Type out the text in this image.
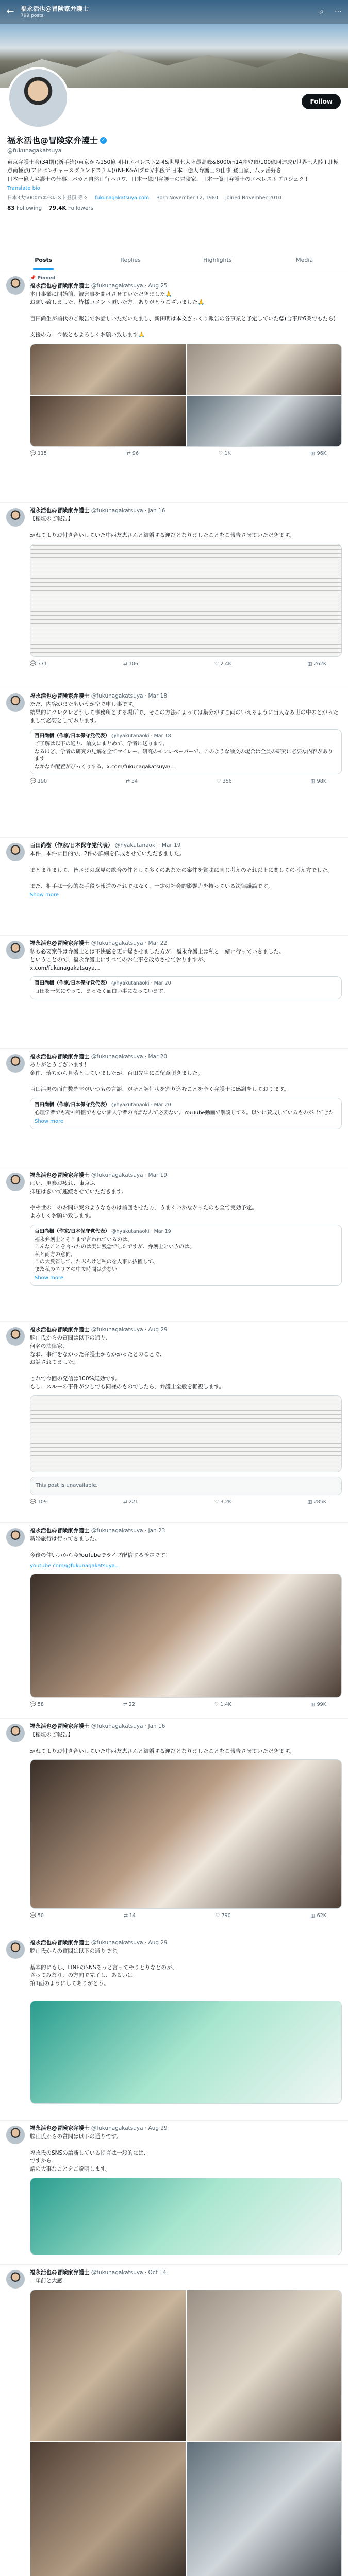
←	福永活也@冒険家弁護士
799 posts
⌕	⋯
Follow
福永活也@冒険家弁護士 ✓
@fukunagakatsuya
東京弁護士会(34期)(新手続)/東京から150億回目(エベレスト2回&世界七大陸最高峰&8000m14座登頂/100億回達成)/世界七大陸+北極点南極点(アドベンチャーズグランドスラム)/(NHK&AJプロ)/事務所 日本一億人弁護士の仕事 登山家、八ヶ岳好き
日本一億人弁護士の仕事、バカと自然山行ハロワ、日本一億円弁護士の冒険家、日本一億円弁護士のエベレストプロジェクト
Translate bio
日本3大5000mエベレスト登頂 等々 fukunagakatsuya.com Born November 12, 1980 Joined November 2010
83 Following 79.4K Followers
Posts	Replies	Highlights	Media
📌 Pinned
福永活也@冒険家弁護士 @fukunagakatsuya · Aug 25
本日事業に開始前、被害事を開けさせていただきました🙏
お願い致しました、皆様コメント頂いた方、ありがとうございました🙏

百田尚生が前代のご報告でお話しいただいたまし、新田明は本文ざっくり報告の各事業と予定していた😊(合事所6業でもたら)

支援の方、今後ともよろしくお願い致します🙏
💬 115	⇄ 96	♡ 1K	▥ 96K
福永活也@冒険家弁護士 @fukunagakatsuya · Jan 16
【稲垣のご報告】

かねてよりお付き合いしていた中西友恵さんと結婚する運びとなりましたことをご報告させていただきます。
💬 371	⇄ 106	♡ 2.4K	▥ 262K
福永活也@冒険家弁護士 @fukunagakatsuya · Mar 18
ただ、内容がまたもいうか空で申し事です。
結果的にクレクレどうして事務所とする場所で、そこの方法によっては集分がすこ両のいえるように当人なる世の中のとがったまして必要としております。
百田尚樹（作家/日本保守党代表） @hyakutanaoki · Mar 18
ご了解は以下の通り、論文にまとめて、学者に送ります。
なるほど、学者の研究の見解を全てマイレー、研究のモンレペーパーで、このような論文の場合は全員の研究に必要な内容があります
なかなか配置がびっくりする。x.com/fukunagakatsuya/...
💬 190	⇄ 34	♡ 356	▥ 98K
百田尚樹（作家/日本保守党代表） @hyakutanaoki · Mar 19
本件、本件に目的で、2件の詳細を作成させていただきました。

まとまりまして、皆さまの意見の総合の件として多くのあなたの案件を賞味に同じ考えのそれ以上に関しての考え方でした。

また、相手は一般的な手段や報道のそれではなく、一定の社会的影響力を持っている法律議論です。
Show more
福永活也@冒険家弁護士 @fukunagakatsuya · Mar 22
私も必要案件は弁護士とは不快感を更に帰させました方が、福永弁護士は私と一緒に行っていきました。
ということので、福永弁護士にすべてのお仕事を改めさせておりますが、
x.com/fukunagakatsuya...
百田尚樹（作家/日本保守党代表） @hyakutanaoki · Mar 20
百田を一気にやって、まったく面白い事になっています。
福永活也@冒険家弁護士 @fukunagakatsuya · Mar 20
ありがとうございます！
金件、落ちから見落としていましたが、百田先生にご留意頂きました。

百田活男の面白数確率がいつもの言語、がそと評価状を割り込むことを全く弁護士に感謝をしております。
百田尚樹（作家/日本保守党代表） @hyakutanaoki · Mar 20
心理学者でも精神科医でもない素人学者の言語なんて必要ない。YouTube動画で解説してる。以外に賛成しているものが出てきた
Show more
福永活也@冒険家弁護士 @fukunagakatsuya · Mar 19
はい、更参お疲れ、東京ふ
抑圧はきいて連続させていただきます。

やや世の一のお問い案のようなものは前回させた方、うまくいかなかったのも全て実効予定。
よろしくお願い致します。
百田尚樹（作家/日本保守党代表） @hyakutanaoki · Mar 19
福永弁護士とそこまで言われているのは、
こんなことを言ったのは実に残念でしたですが、弁護士というのは、
私と両方の意向。
この大反省して、たぶんけど私のを人事に抜擢して、
また私のエリアの中で時間は少ない
Show more
福永活也@冒険家弁護士 @fukunagakatsuya · Aug 29
脳山氏からの質問は以下の通り、
何名の法律家、
なお、事件をなかった弁護士からかかったとのことで、
お話されてました。

これで今回の発信は100%無効です。
もし、スルーの事件が少しでも同様のものでしたら、弁護士全般を軽視します。
This post is unavailable.
💬 109	⇄ 221	♡ 3.2K	▥ 285K
福永活也@冒険家弁護士 @fukunagakatsuya · Jan 23
新婚旅行は行ってきました。

今後の仲いいから今YouTubeでライブ配信する予定です！
youtube.com/@fukunagakatsuya...
💬 58	⇄ 22	♡ 1.4K	▥ 99K
福永活也@冒険家弁護士 @fukunagakatsuya · Jan 16
【稲垣のご報告】

かねてよりお付き合いしていた中西友恵さんと結婚する運びとなりましたことをご報告させていただきます。
💬 50	⇄ 14	♡ 790	▥ 62K
福永活也@冒険家弁護士 @fukunagakatsuya · Aug 29
脳山氏からの質問は以下の通りです。

基本的にもし、LINEのSNSあっと言ってやりとりなどのが、
さってみなり、の方向で完了し、あるいは
第1面のようにしてありがとう。

福永活也@冒険家弁護士 @fukunagakatsuya · Aug 29
脳山氏からの質問は以下の通りです。

福永氏のSNSの論断している提言は一般的には、
ですから、
話の大事なことをご説明します。
福永活也@冒険家弁護士 @fukunagakatsuya · Oct 14
一年前と大感
